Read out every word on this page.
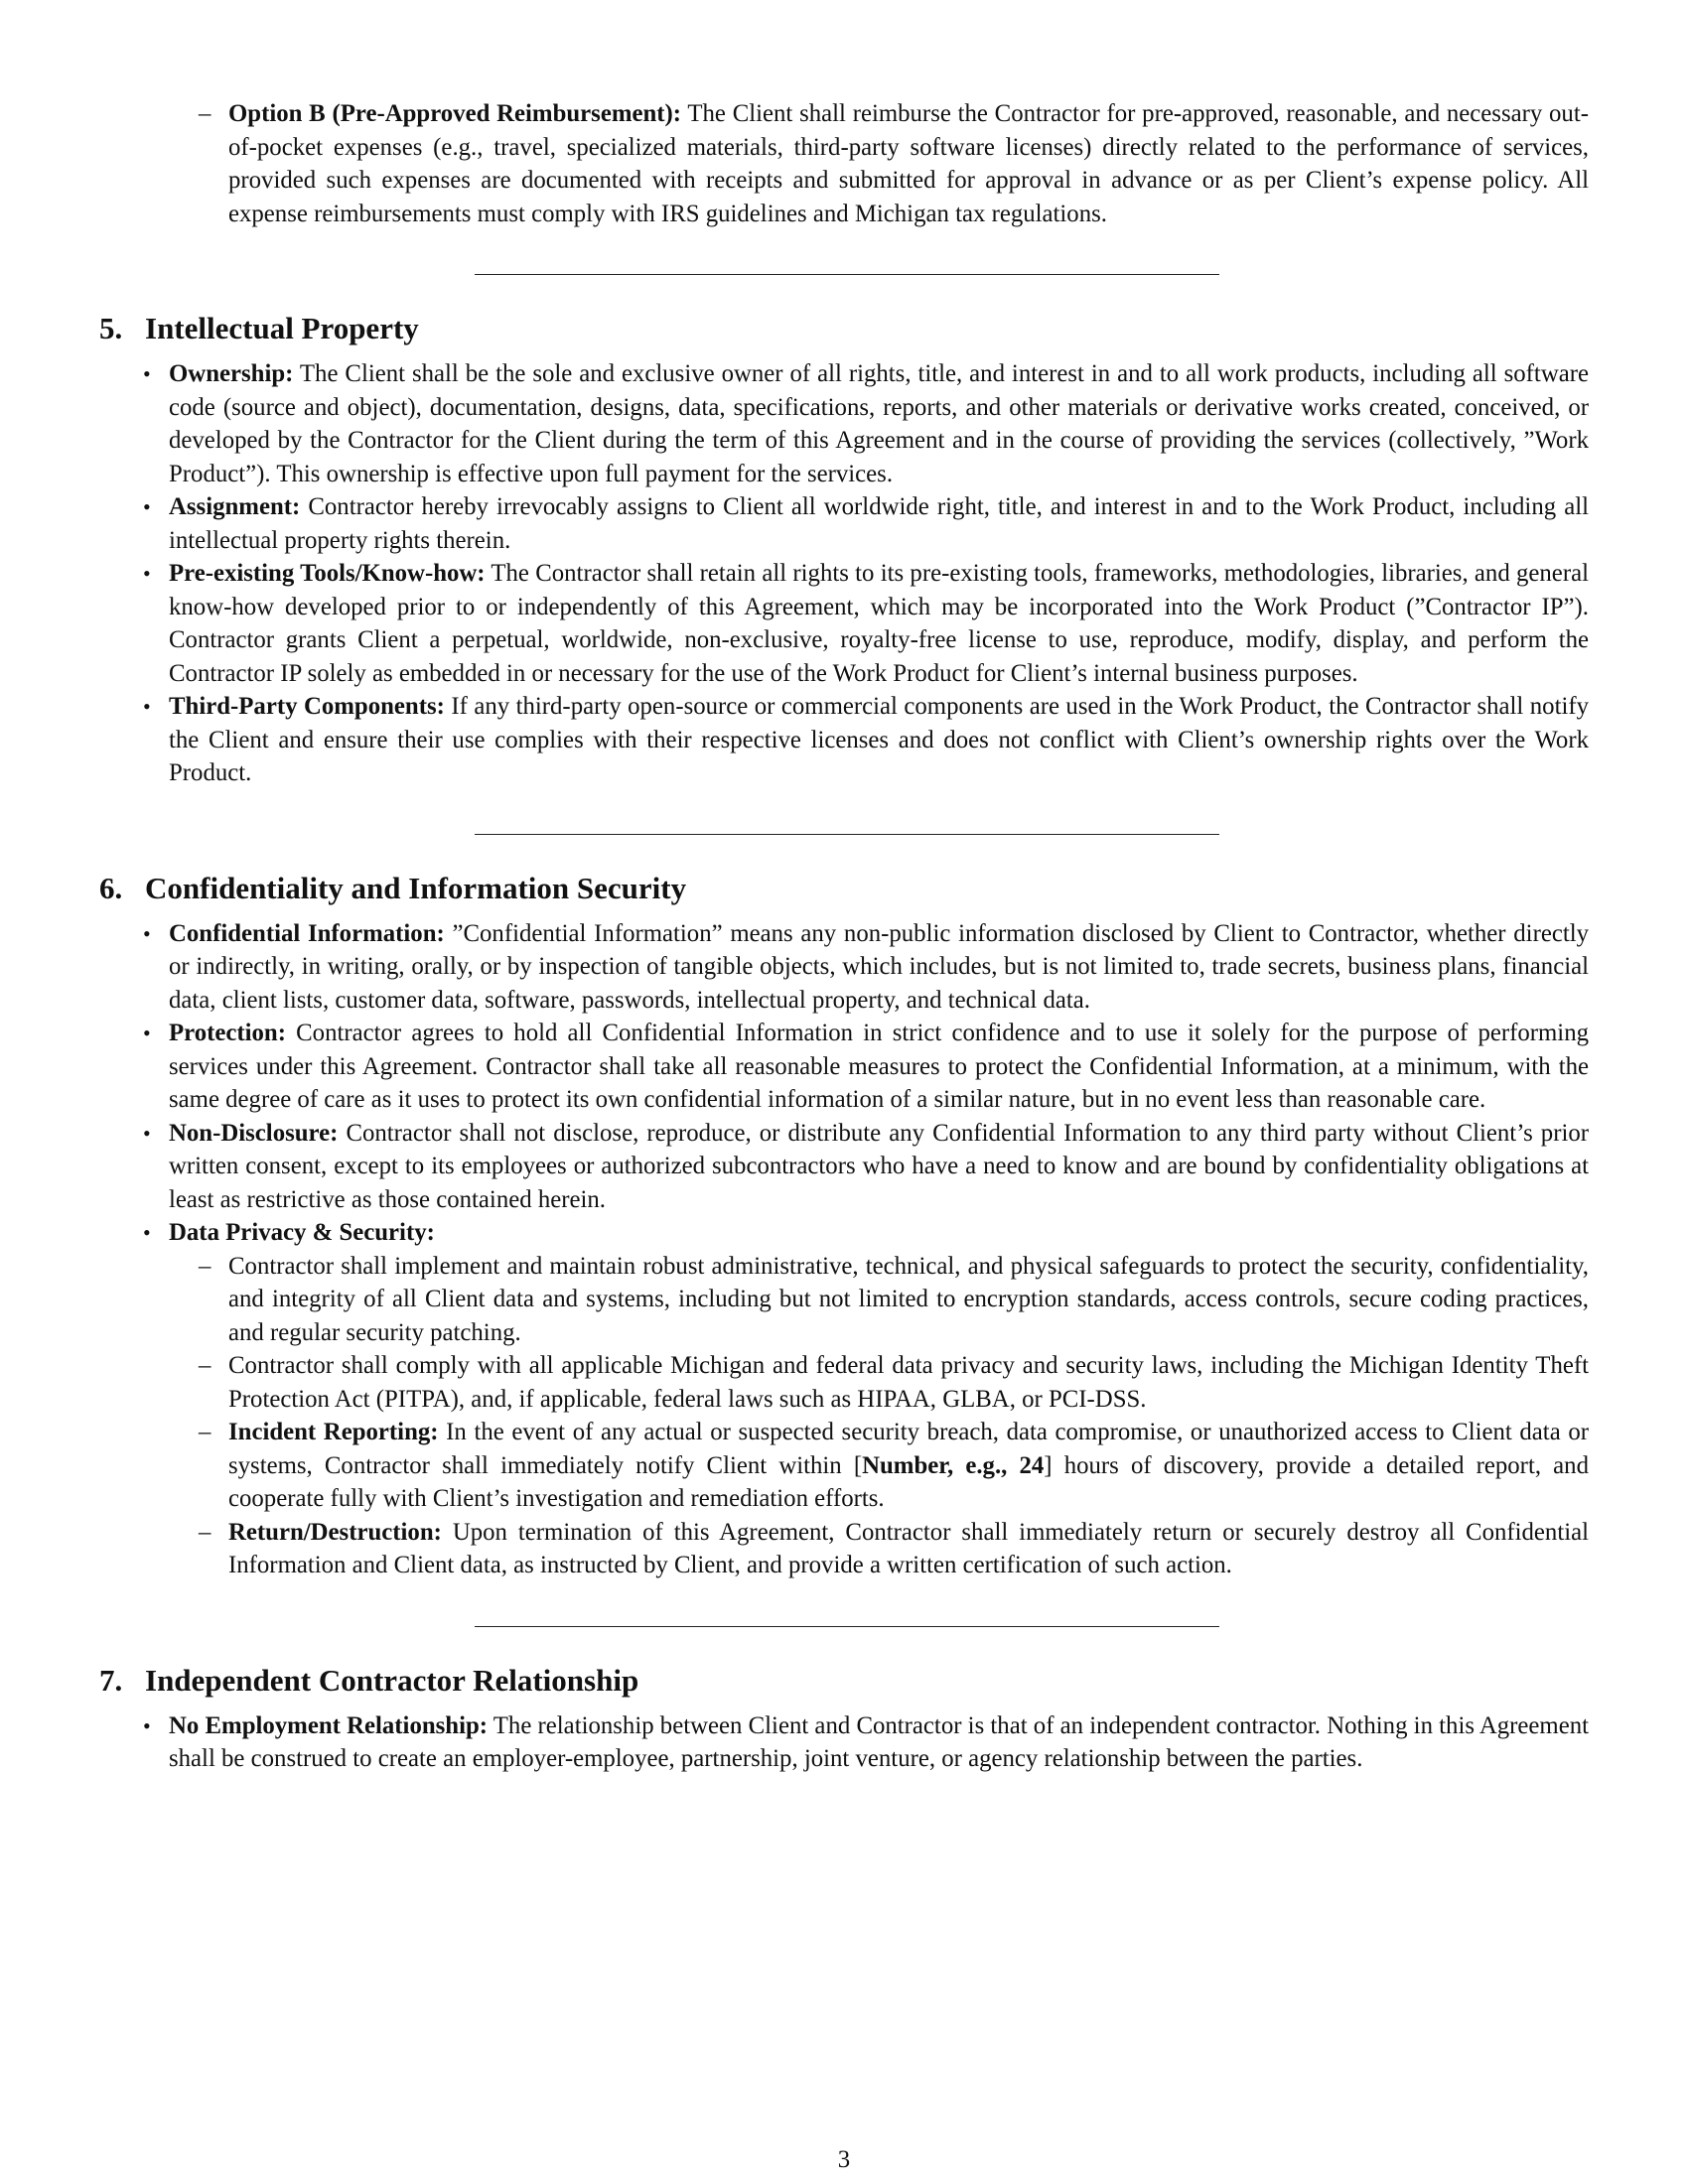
– Option B (Pre-Approved Reimbursement): The Client shall reimburse the Contractor for pre-approved, reasonable, and necessary out-of-pocket expenses (e.g., travel, specialized materials, third-party software licenses) directly related to the performance of services, provided such expenses are documented with receipts and submitted for approval in advance or as per Client’s expense policy. All expense reimbursements must comply with IRS guidelines and Michigan tax regulations.

5. Intellectual Property

• Ownership: The Client shall be the sole and exclusive owner of all rights, title, and interest in and to all work products, including all software code (source and object), documentation, designs, data, specifications, reports, and other materials or derivative works created, conceived, or developed by the Contractor for the Client during the term of this Agreement and in the course of providing the services (collectively, ”Work Product”). This ownership is effective upon full payment for the services.

• Assignment: Contractor hereby irrevocably assigns to Client all worldwide right, title, and interest in and to the Work Product, including all intellectual property rights therein.

• Pre-existing Tools/Know-how: The Contractor shall retain all rights to its pre-existing tools, frameworks, methodologies, libraries, and general know-how developed prior to or independently of this Agreement, which may be incorporated into the Work Product (”Contractor IP”). Contractor grants Client a perpetual, worldwide, non-exclusive, royalty-free license to use, reproduce, modify, display, and perform the Contractor IP solely as embedded in or necessary for the use of the Work Product for Client’s internal business purposes.

• Third-Party Components: If any third-party open-source or commercial components are used in the Work Product, the Contractor shall notify the Client and ensure their use complies with their respective licenses and does not conflict with Client’s ownership rights over the Work Product.

6. Confidentiality and Information Security

• Confidential Information: ”Confidential Information” means any non-public information disclosed by Client to Contractor, whether directly or indirectly, in writing, orally, or by inspection of tangible objects, which includes, but is not limited to, trade secrets, business plans, financial data, client lists, customer data, software, passwords, intellectual property, and technical data.

• Protection: Contractor agrees to hold all Confidential Information in strict confidence and to use it solely for the purpose of performing services under this Agreement. Contractor shall take all reasonable measures to protect the Confidential Information, at a minimum, with the same degree of care as it uses to protect its own confidential information of a similar nature, but in no event less than reasonable care.

• Non-Disclosure: Contractor shall not disclose, reproduce, or distribute any Confidential Information to any third party without Client’s prior written consent, except to its employees or authorized subcontractors who have a need to know and are bound by confidentiality obligations at least as restrictive as those contained herein.

• Data Privacy & Security:

– Contractor shall implement and maintain robust administrative, technical, and physical safeguards to protect the security, confidentiality, and integrity of all Client data and systems, including but not limited to encryption standards, access controls, secure coding practices, and regular security patching.

– Contractor shall comply with all applicable Michigan and federal data privacy and security laws, including the Michigan Identity Theft Protection Act (PITPA), and, if applicable, federal laws such as HIPAA, GLBA, or PCI-DSS.

– Incident Reporting: In the event of any actual or suspected security breach, data compromise, or unauthorized access to Client data or systems, Contractor shall immediately notify Client within [Number, e.g., 24] hours of discovery, provide a detailed report, and cooperate fully with Client’s investigation and remediation efforts.

– Return/Destruction: Upon termination of this Agreement, Contractor shall immediately return or securely destroy all Confidential Information and Client data, as instructed by Client, and provide a written certification of such action.

7. Independent Contractor Relationship

• No Employment Relationship: The relationship between Client and Contractor is that of an independent contractor. Nothing in this Agreement shall be construed to create an employer-employee, partnership, joint venture, or agency relationship between the parties.

3
